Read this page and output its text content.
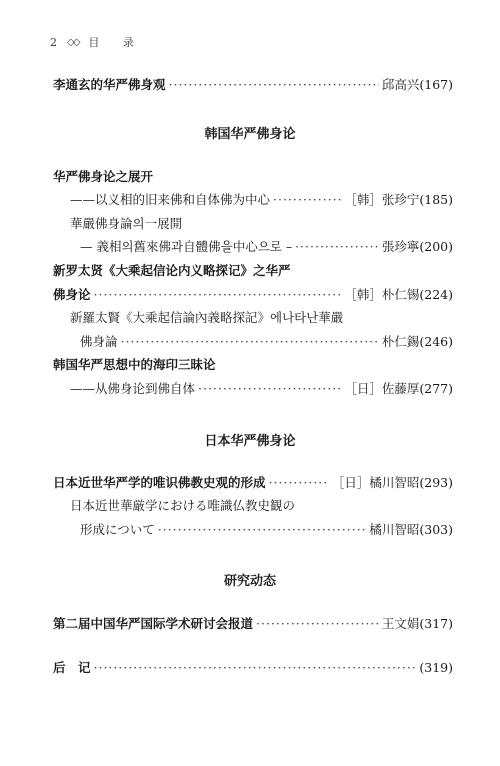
2 ◇◇ 目 录
李通玄的华严佛身观 ·····	邱高兴 (167)
韩国华严佛身论
华严佛身论之展开
——以义相的旧来佛和自体佛为中心 ·····	［韩］张珍宁 (185)
華嚴佛身論의一展開
— 義相의舊來佛과自體佛을中心으로 – ·····	張珍寧 (200)
新罗太贤《大乘起信论内义略探记》之华严
佛身论 ·····	［韩］朴仁锡 (224)
新羅太賢《大乘起信論內義略探記》에나타난華嚴
佛身論 ·····	朴仁錫 (246)
韩国华严思想中的海印三昧论
——从佛身论到佛自体 ·····	［日］佐藤厚 (277)
日本华严佛身论
日本近世华严学的唯识佛教史观的形成 ·····	［日］橘川智昭 (293)
日本近世華厳学における唯識仏教史観の
形成について ·····	橘川智昭 (303)
研究动态
第二届中国华严国际学术研讨会报道 ·····	王文娟 (317)
后　记 ·····	(319)
